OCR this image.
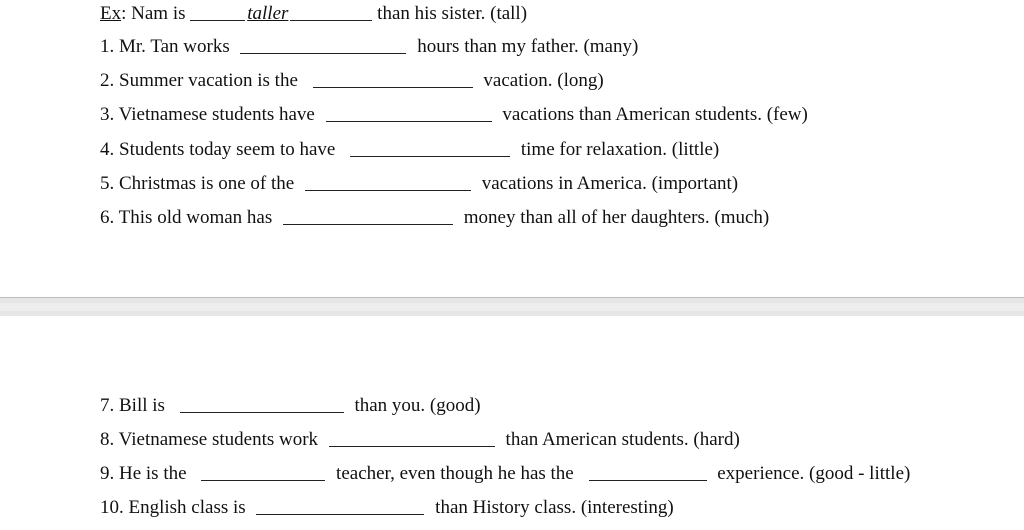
Ex: Nam is	taller	than his sister. (tall)
1. Mr. Tan works	hours than my father. (many)
2. Summer vacation is the	vacation. (long)
3. Vietnamese students have	vacations than American students. (few)
4. Students today seem to have	time for relaxation. (little)
5. Christmas is one of the	vacations in America. (important)
6. This old woman has	money than all of her daughters. (much)
7. Bill is	than you. (good)
8. Vietnamese students work	than American students. (hard)
9. He is the	teacher, even though he has the	experience. (good - little)
10. English class is	than History class. (interesting)
